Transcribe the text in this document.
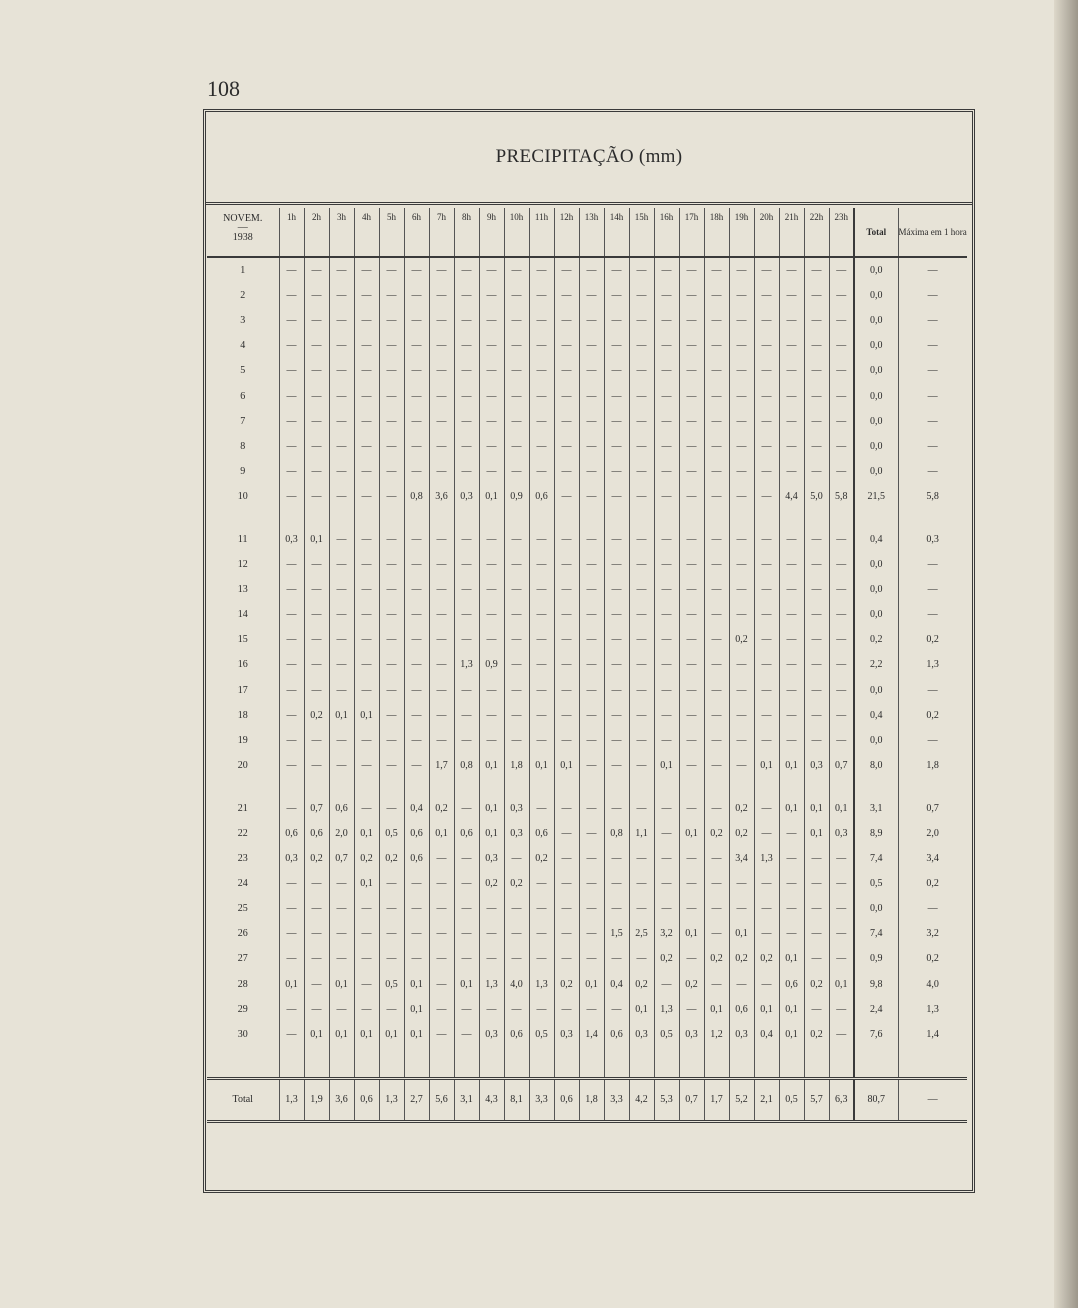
108
PRECIPITAÇÃO (mm)
NOVEM.
—
1938	1h	2h	3h	4h	5h	6h	7h	8h	9h	10h	11h	12h	13h	14h	15h	16h	17h	18h	19h	20h	21h	22h	23h	Total	Máxima em 1 hora
1	—	—	—	—	—	—	—	—	—	—	—	—	—	—	—	—	—	—	—	—	—	—	—	0,0	—
2	—	—	—	—	—	—	—	—	—	—	—	—	—	—	—	—	—	—	—	—	—	—	—	0,0	—
3	—	—	—	—	—	—	—	—	—	—	—	—	—	—	—	—	—	—	—	—	—	—	—	0,0	—
4	—	—	—	—	—	—	—	—	—	—	—	—	—	—	—	—	—	—	—	—	—	—	—	0,0	—
5	—	—	—	—	—	—	—	—	—	—	—	—	—	—	—	—	—	—	—	—	—	—	—	0,0	—
6	—	—	—	—	—	—	—	—	—	—	—	—	—	—	—	—	—	—	—	—	—	—	—	0,0	—
7	—	—	—	—	—	—	—	—	—	—	—	—	—	—	—	—	—	—	—	—	—	—	—	0,0	—
8	—	—	—	—	—	—	—	—	—	—	—	—	—	—	—	—	—	—	—	—	—	—	—	0,0	—
9	—	—	—	—	—	—	—	—	—	—	—	—	—	—	—	—	—	—	—	—	—	—	—	0,0	—
10	—	—	—	—	—	0,8	3,6	0,3	0,1	0,9	0,6	—	—	—	—	—	—	—	—	—	4,4	5,0	5,8	21,5	5,8

11	0,3	0,1	—	—	—	—	—	—	—	—	—	—	—	—	—	—	—	—	—	—	—	—	—	0,4	0,3
12	—	—	—	—	—	—	—	—	—	—	—	—	—	—	—	—	—	—	—	—	—	—	—	0,0	—
13	—	—	—	—	—	—	—	—	—	—	—	—	—	—	—	—	—	—	—	—	—	—	—	0,0	—
14	—	—	—	—	—	—	—	—	—	—	—	—	—	—	—	—	—	—	—	—	—	—	—	0,0	—
15	—	—	—	—	—	—	—	—	—	—	—	—	—	—	—	—	—	—	0,2	—	—	—	—	0,2	0,2
16	—	—	—	—	—	—	—	1,3	0,9	—	—	—	—	—	—	—	—	—	—	—	—	—	—	2,2	1,3
17	—	—	—	—	—	—	—	—	—	—	—	—	—	—	—	—	—	—	—	—	—	—	—	0,0	—
18	—	0,2	0,1	0,1	—	—	—	—	—	—	—	—	—	—	—	—	—	—	—	—	—	—	—	0,4	0,2
19	—	—	—	—	—	—	—	—	—	—	—	—	—	—	—	—	—	—	—	—	—	—	—	0,0	—
20	—	—	—	—	—	—	1,7	0,8	0,1	1,8	0,1	0,1	—	—	—	0,1	—	—	—	0,1	0,1	0,3	0,7	8,0	1,8

21	—	0,7	0,6	—	—	0,4	0,2	—	0,1	0,3	—	—	—	—	—	—	—	—	0,2	—	0,1	0,1	0,1	3,1	0,7
22	0,6	0,6	2,0	0,1	0,5	0,6	0,1	0,6	0,1	0,3	0,6	—	—	0,8	1,1	—	0,1	0,2	0,2	—	—	0,1	0,3	8,9	2,0
23	0,3	0,2	0,7	0,2	0,2	0,6	—	—	0,3	—	0,2	—	—	—	—	—	—	—	3,4	1,3	—	—	—	7,4	3,4
24	—	—	—	0,1	—	—	—	—	0,2	0,2	—	—	—	—	—	—	—	—	—	—	—	—	—	0,5	0,2
25	—	—	—	—	—	—	—	—	—	—	—	—	—	—	—	—	—	—	—	—	—	—	—	0,0	—
26	—	—	—	—	—	—	—	—	—	—	—	—	—	1,5	2,5	3,2	0,1	—	0,1	—	—	—	—	7,4	3,2
27	—	—	—	—	—	—	—	—	—	—	—	—	—	—	—	0,2	—	0,2	0,2	0,2	0,1	—	—	0,9	0,2
28	0,1	—	0,1	—	0,5	0,1	—	0,1	1,3	4,0	1,3	0,2	0,1	0,4	0,2	—	0,2	—	—	—	0,6	0,2	0,1	9,8	4,0
29	—	—	—	—	—	0,1	—	—	—	—	—	—	—	—	0,1	1,3	—	0,1	0,6	0,1	0,1	—	—	2,4	1,3
30	—	0,1	0,1	0,1	0,1	0,1	—	—	0,3	0,6	0,5	0,3	1,4	0,6	0,3	0,5	0,3	1,2	0,3	0,4	0,1	0,2	—	7,6	1,4

Total	1,3	1,9	3,6	0,6	1,3	2,7	5,6	3,1	4,3	8,1	3,3	0,6	1,8	3,3	4,2	5,3	0,7	1,7	5,2	2,1	0,5	5,7	6,3	80,7	—
